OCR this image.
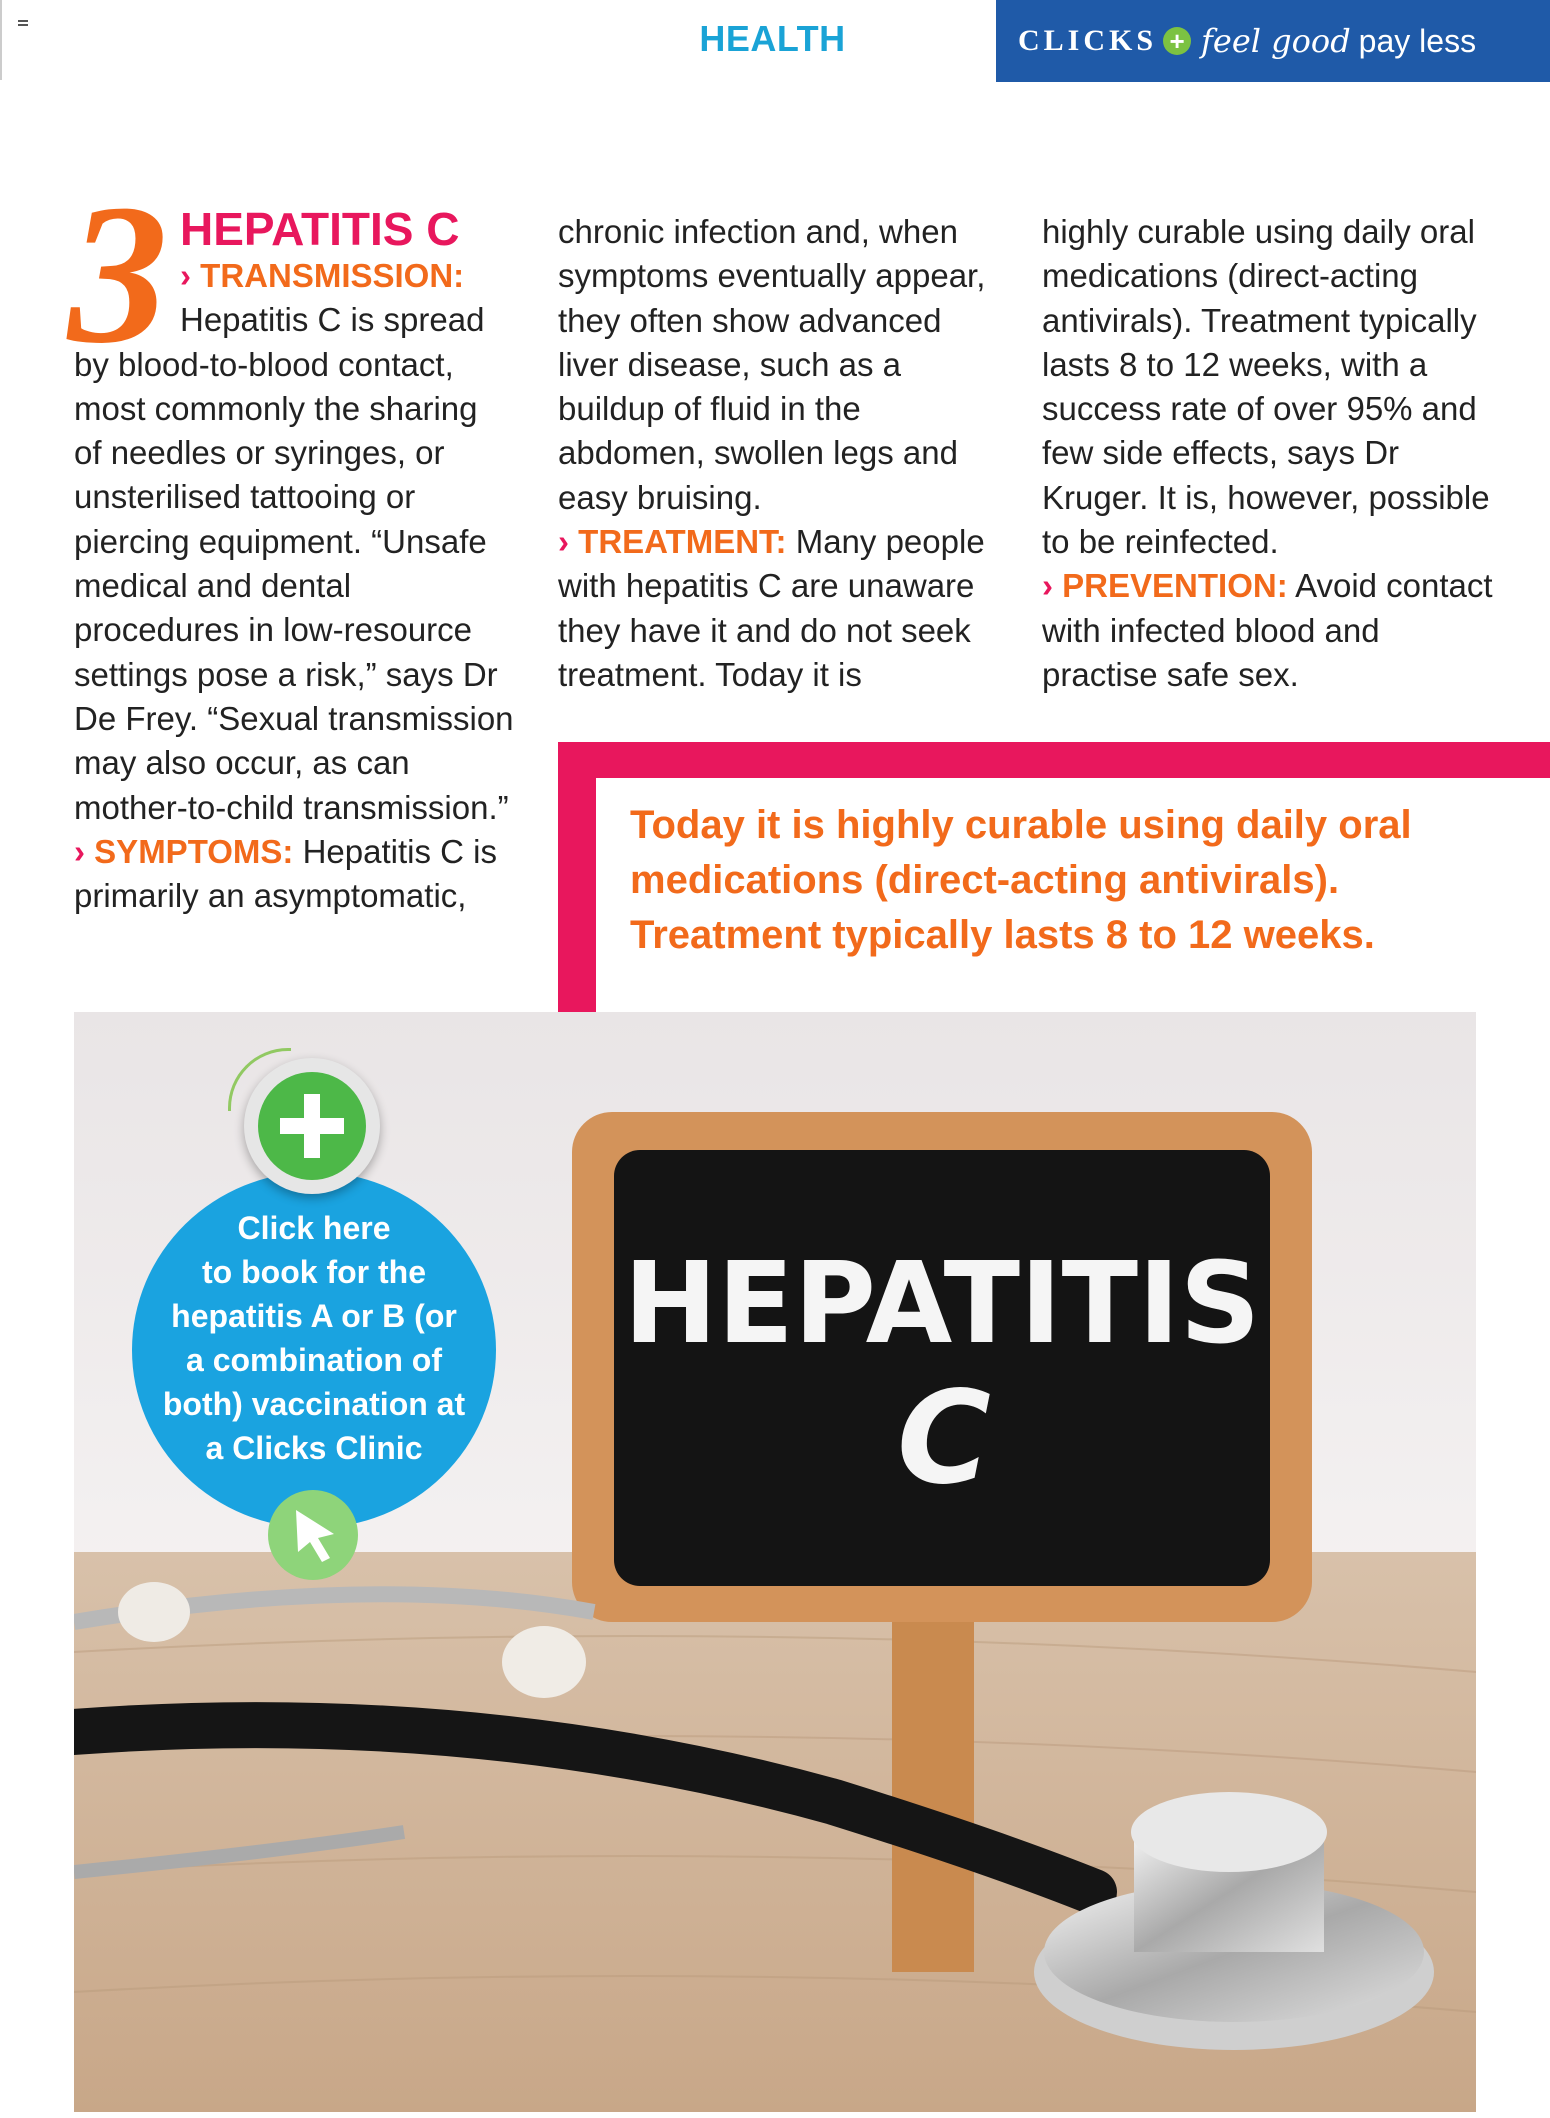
HEALTH	CLICKS + feel good pay less
3 HEPATITIS C
› TRANSMISSION:
Hepatitis C is spread by blood-to-blood contact, most commonly the sharing of needles or syringes, or unsterilised tattooing or piercing equipment. “Unsafe medical and dental procedures in low-resource settings pose a risk,” says Dr De Frey. “Sexual transmission may also occur, as can mother-to-child transmission.”
› SYMPTOMS: Hepatitis C is primarily an asymptomatic,
chronic infection and, when symptoms eventually appear, they often show advanced liver disease, such as a buildup of fluid in the abdomen, swollen legs and easy bruising.
› TREATMENT: Many people with hepatitis C are unaware they have it and do not seek treatment. Today it is
highly curable using daily oral medications (direct-acting antivirals). Treatment typically lasts 8 to 12 weeks, with a success rate of over 95% and few side effects, says Dr Kruger. It is, however, possible to be reinfected.
› PREVENTION: Avoid contact with infected blood and practise safe sex.
Today it is highly curable using daily oral medications (direct-acting antivirals). Treatment typically lasts 8 to 12 weeks.
HEPATITIS
C
Click here
to book for the
hepatitis A or B (or
a combination of
both) vaccination at
a Clicks Clinic
